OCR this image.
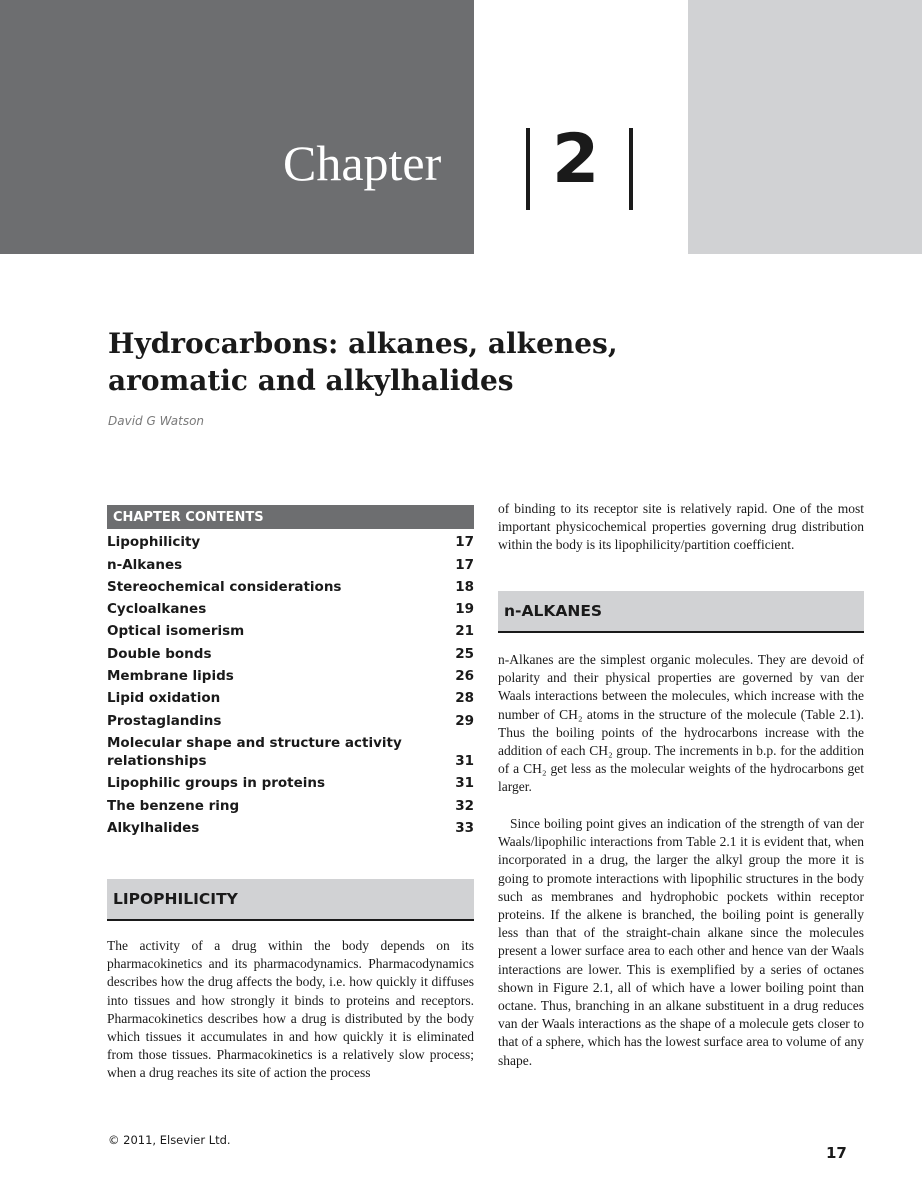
Chapter 2
Hydrocarbons: alkanes, alkenes,
aromatic and alkylhalides
David G Watson
CHAPTER CONTENTS
Lipophilicity	17
n-Alkanes	17
Stereochemical considerations	18
Cycloalkanes	19
Optical isomerism	21
Double bonds	25
Membrane lipids	26
Lipid oxidation	28
Prostaglandins	29
Molecular shape and structure activity relationships	31
Lipophilic groups in proteins	31
The benzene ring	32
Alkylhalides	33
LIPOPHILICITY

The activity of a drug within the body depends on its pharmacokinetics and its pharmacodynamics. Pharmacodynamics describes how the drug affects the body, i.e. how quickly it diffuses into tissues and how strongly it binds to proteins and receptors. Pharmacokinetics describes how a drug is distributed by the body which tissues it accumulates in and how quickly it is eliminated from those tissues. Pharmacokinetics is a relatively slow process; when a drug reaches its site of action the process

of binding to its receptor site is relatively rapid. One of the most important physicochemical properties governing drug distribution within the body is its lipophilicity/partition coefficient.

n-ALKANES

n-Alkanes are the simplest organic molecules. They are devoid of polarity and their physical properties are governed by van der Waals interactions between the molecules, which increase with the number of CH₂ atoms in the structure of the molecule (Table 2.1). Thus the boiling points of the hydrocarbons increase with the addition of each CH₂ group. The increments in b.p. for the addition of a CH₂ get less as the molecular weights of the hydrocarbons get larger.

Since boiling point gives an indication of the strength of van der Waals/lipophilic interactions from Table 2.1 it is evident that, when incorporated in a drug, the larger the alkyl group the more it is going to promote interactions with lipophilic structures in the body such as membranes and hydrophobic pockets within receptor proteins. If the alkene is branched, the boiling point is generally less than that of the straight-chain alkane since the molecules present a lower surface area to each other and hence van der Waals interactions are lower. This is exemplified by a series of octanes shown in Figure 2.1, all of which have a lower boiling point than octane. Thus, branching in an alkane substituent in a drug reduces van der Waals interactions as the shape of a molecule gets closer to that of a sphere, which has the lowest surface area to volume of any shape.

© 2011, Elsevier Ltd.
17
